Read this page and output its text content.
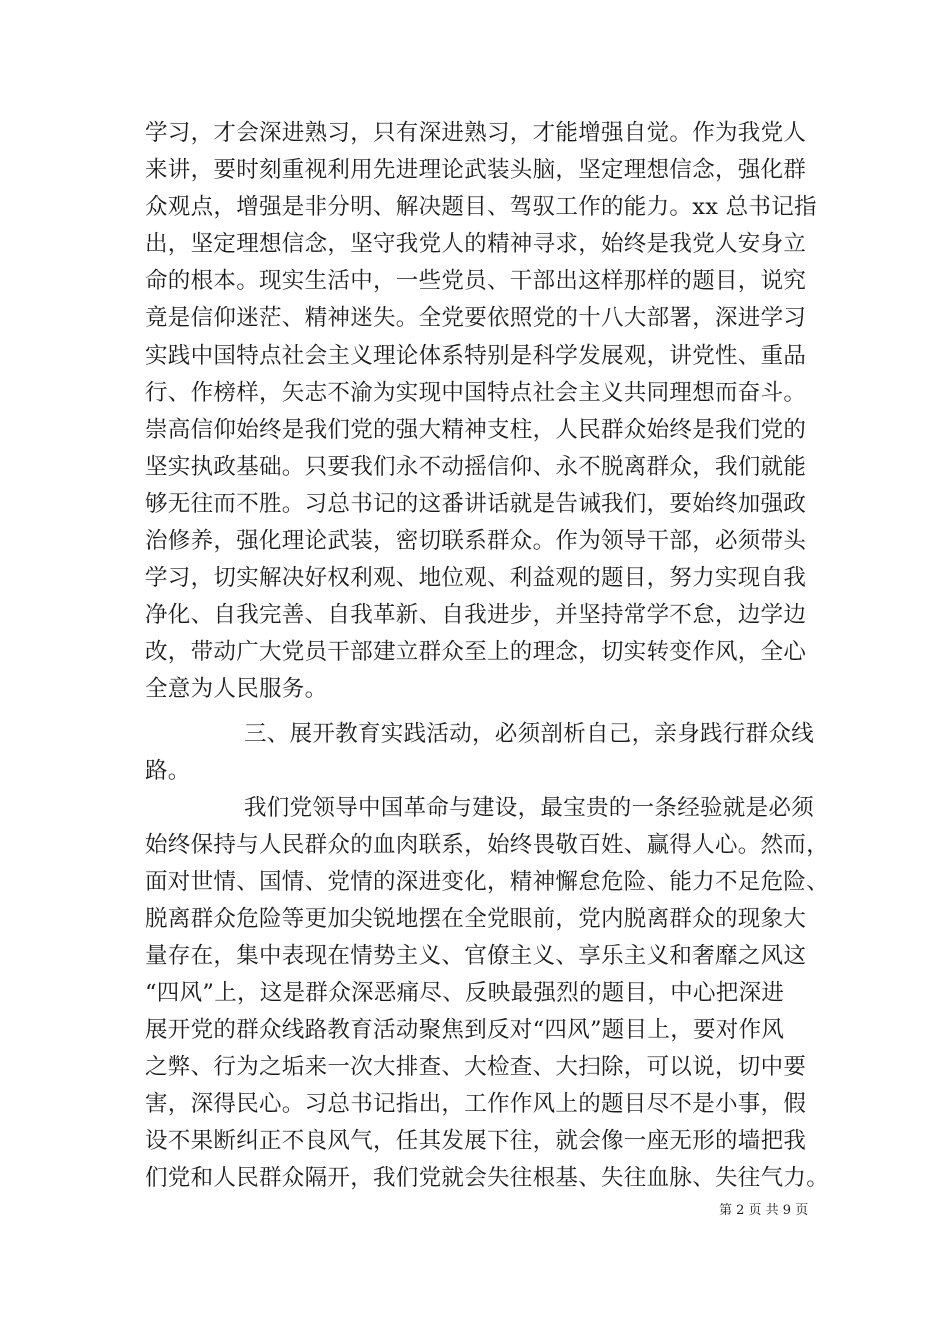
学习，才会深进熟习，只有深进熟习，才能增强自觉。作为我党人
来讲，要时刻重视利用先进理论武装头脑，坚定理想信念，强化群
众观点，增强是非分明、解决题目、驾驭工作的能力。xx 总书记指
出，坚定理想信念，坚守我党人的精神寻求，始终是我党人安身立
命的根本。现实生活中，一些党员、干部出这样那样的题目，说究
竟是信仰迷茫、精神迷失。全党要依照党的十八大部署，深进学习
实践中国特点社会主义理论体系特别是科学发展观，讲党性、重品
行、作榜样，矢志不渝为实现中国特点社会主义共同理想而奋斗。
崇高信仰始终是我们党的强大精神支柱，人民群众始终是我们党的
坚实执政基础。只要我们永不动摇信仰、永不脱离群众，我们就能
够无往而不胜。习总书记的这番讲话就是告诫我们，要始终加强政
治修养，强化理论武装，密切联系群众。作为领导干部，必须带头
学习，切实解决好权利观、地位观、利益观的题目，努力实现自我
净化、自我完善、自我革新、自我进步，并坚持常学不怠，边学边
改，带动广大党员干部建立群众至上的理念，切实转变作风，全心
全意为人民服务。
三、展开教育实践活动，必须剖析自己，亲身践行群众线
路。
我们党领导中国革命与建设，最宝贵的一条经验就是必须
始终保持与人民群众的血肉联系，始终畏敬百姓、赢得人心。然而，
面对世情、国情、党情的深进变化，精神懈怠危险、能力不足危险、
脱离群众危险等更加尖锐地摆在全党眼前，党内脱离群众的现象大
量存在，集中表现在情势主义、官僚主义、享乐主义和奢靡之风这
“四风”上，这是群众深恶痛尽、反映最强烈的题目，中心把深进
展开党的群众线路教育活动聚焦到反对“四风”题目上，要对作风
之弊、行为之垢来一次大排查、大检查、大扫除，可以说，切中要
害，深得民心。习总书记指出，工作作风上的题目尽不是小事，假
设不果断纠正不良风气，任其发展下往，就会像一座无形的墙把我
们党和人民群众隔开，我们党就会失往根基、失往血脉、失往气力。
第 2 页 共 9 页
